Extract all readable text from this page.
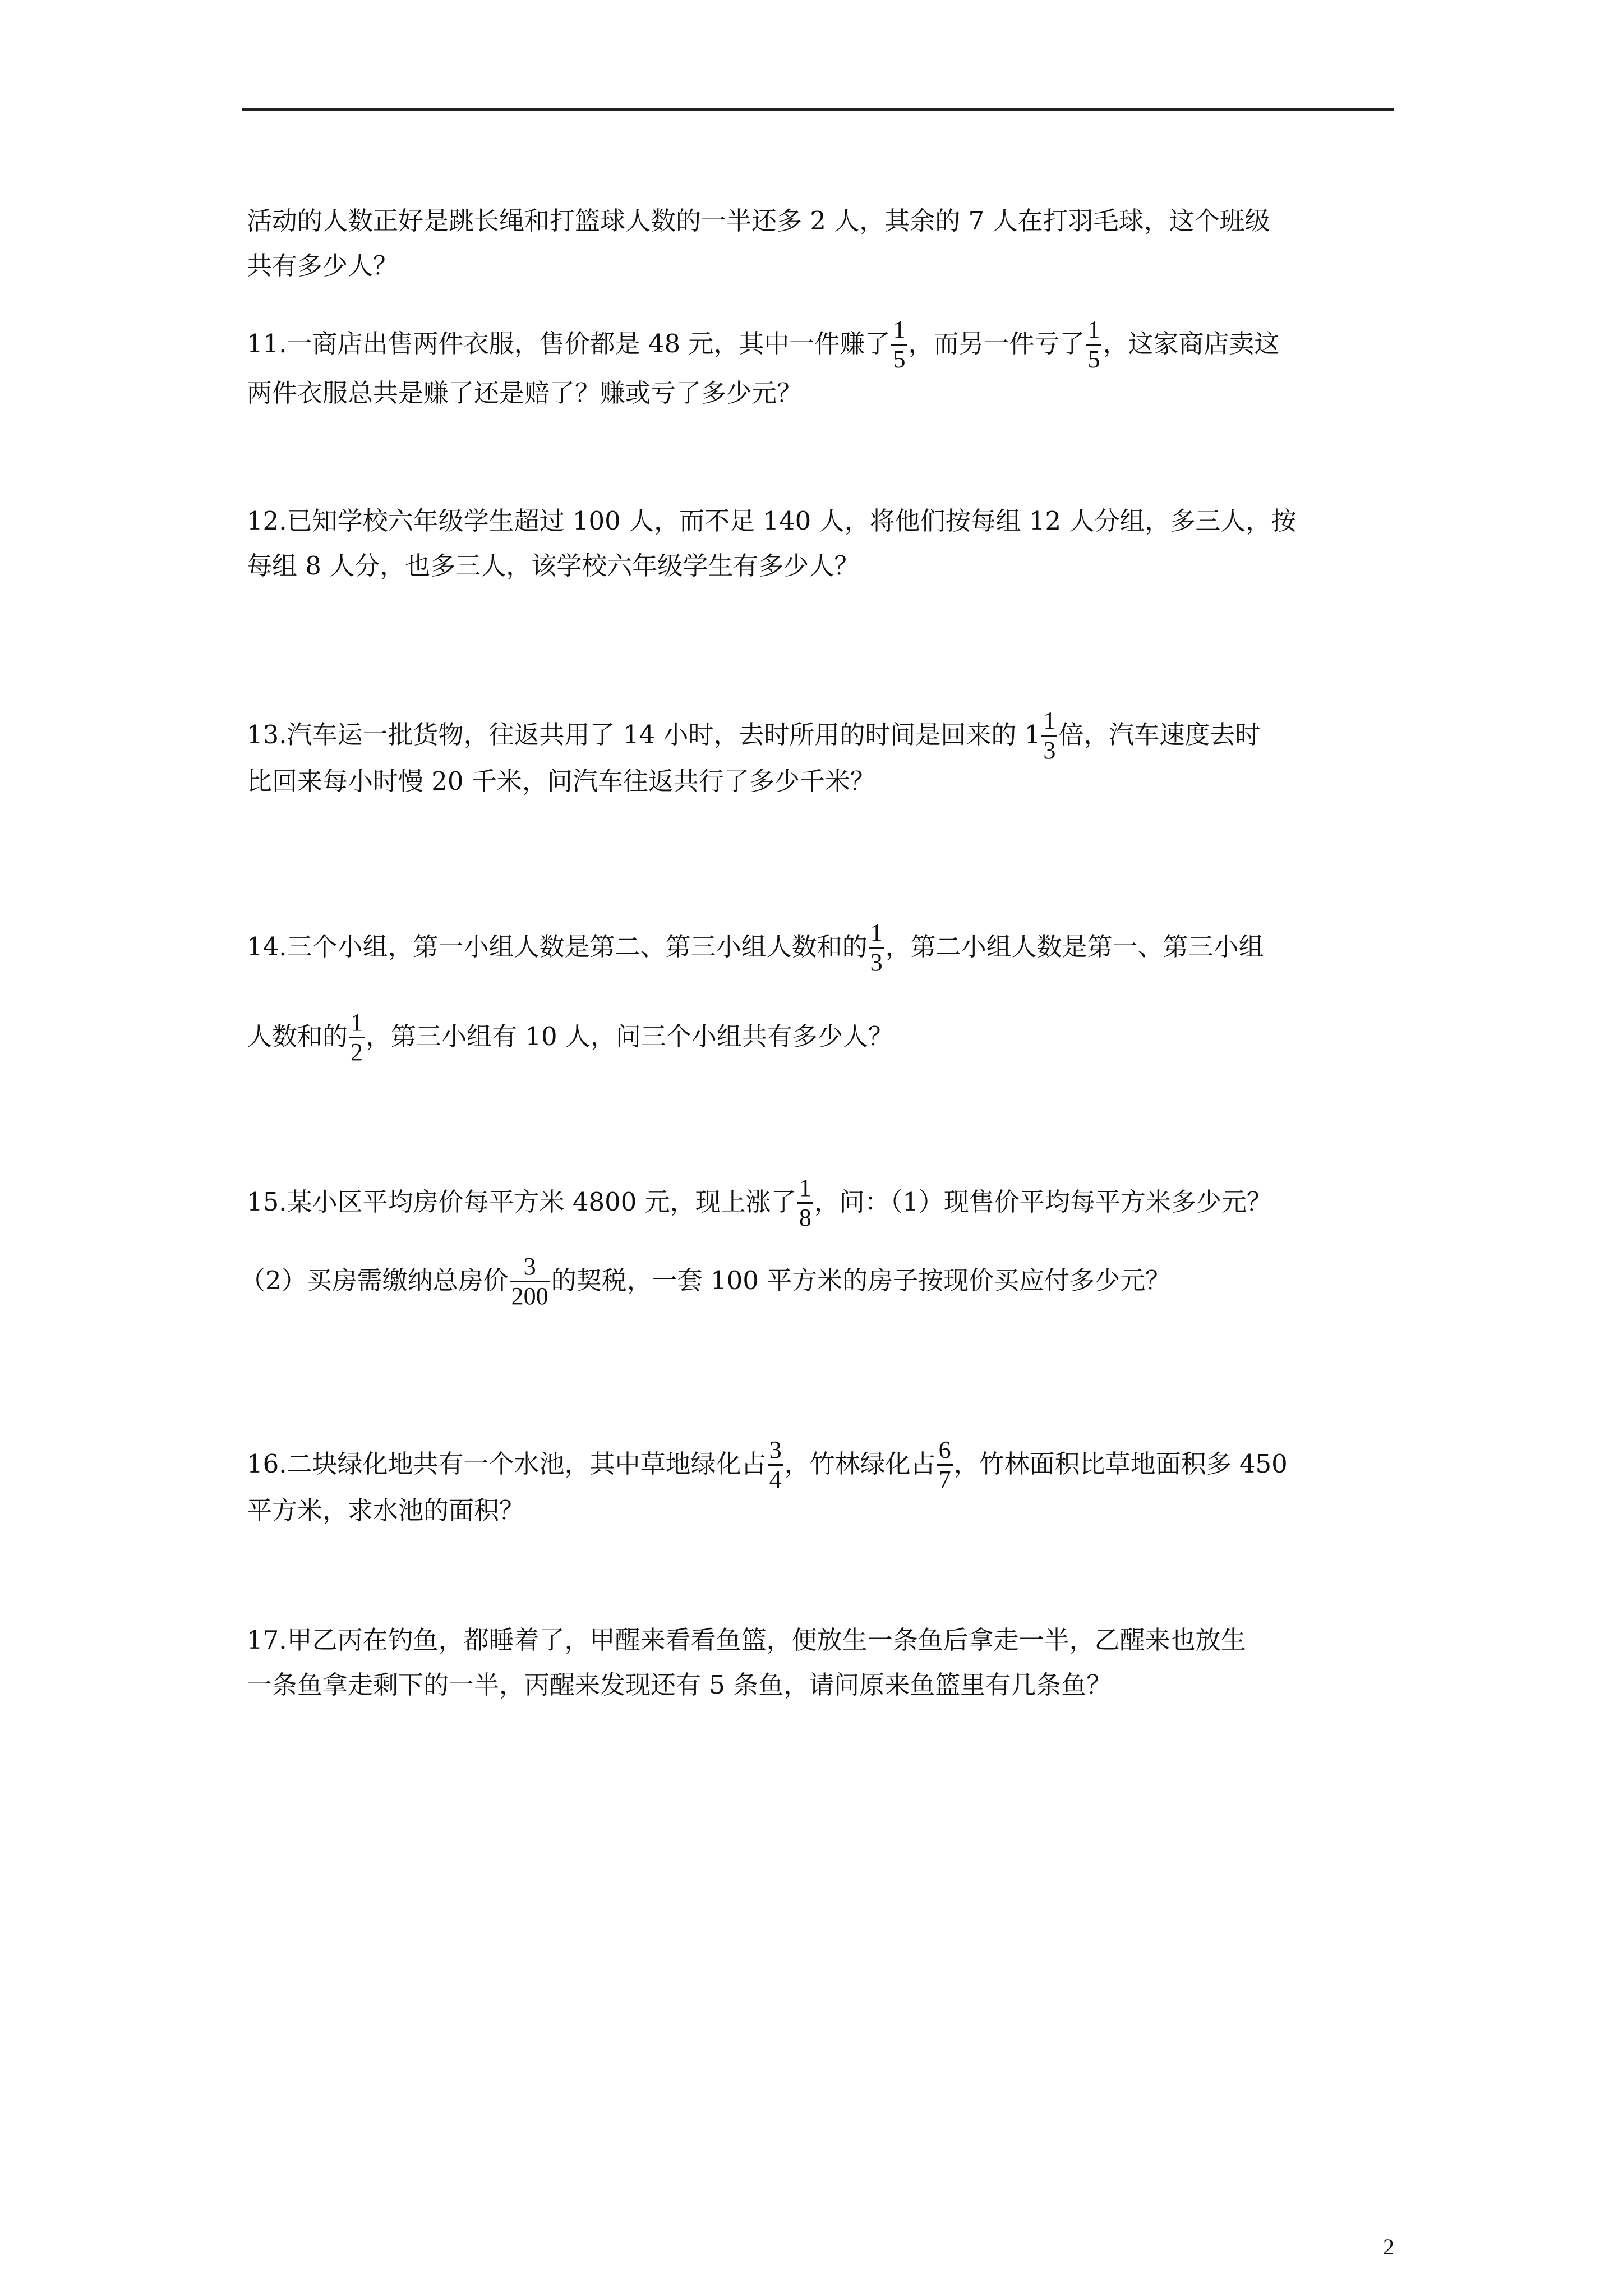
活动的人数正好是跳长绳和打篮球人数的一半还多 2 人，其余的 7 人在打羽毛球，这个班级
共有多少人？
11.一商店出售两件衣服，售价都是 48 元，其中一件赚了 $\frac{1}{5}$ ，而另一件亏了 $\frac{1}{5}$ ，这家商店卖这
两件衣服总共是赚了还是赔了？赚或亏了多少元？
12.已知学校六年级学生超过 100 人，而不足 140 人，将他们按每组 12 人分组，多三人，按
每组 8 人分，也多三人，该学校六年级学生有多少人？
13.汽车运一批货物，往返共用了 14 小时，去时所用的时间是回来的 $1 \frac{1}{3}$ 倍，汽车速度去时
比回来每小时慢 20 千米，问汽车往返共行了多少千米？
14.三个小组，第一小组人数是第二、第三小组人数和的 $\frac{1}{3}$ ，第二小组人数是第一、第三小组
人数和的 $\frac{1}{2}$ ，第三小组有 10 人，问三个小组共有多少人？
15.某小区平均房价每平方米 4800 元，现上涨了 $\frac{1}{8}$ ，问：（1）现售价平均每平方米多少元？
（2）买房需缴纳总房价 $\frac{3}{200}$ 的契税，一套 100 平方米的房子按现价买应付多少元？
16.二块绿化地共有一个水池，其中草地绿化占 $\frac{3}{4}$ ，竹林绿化占 $\frac{6}{7}$ ，竹林面积比草地面积多 450
平方米，求水池的面积？
17.甲乙丙在钓鱼，都睡着了，甲醒来看看鱼篮，便放生一条鱼后拿走一半，乙醒来也放生
一条鱼拿走剩下的一半，丙醒来发现还有 5 条鱼，请问原来鱼篮里有几条鱼？
2
